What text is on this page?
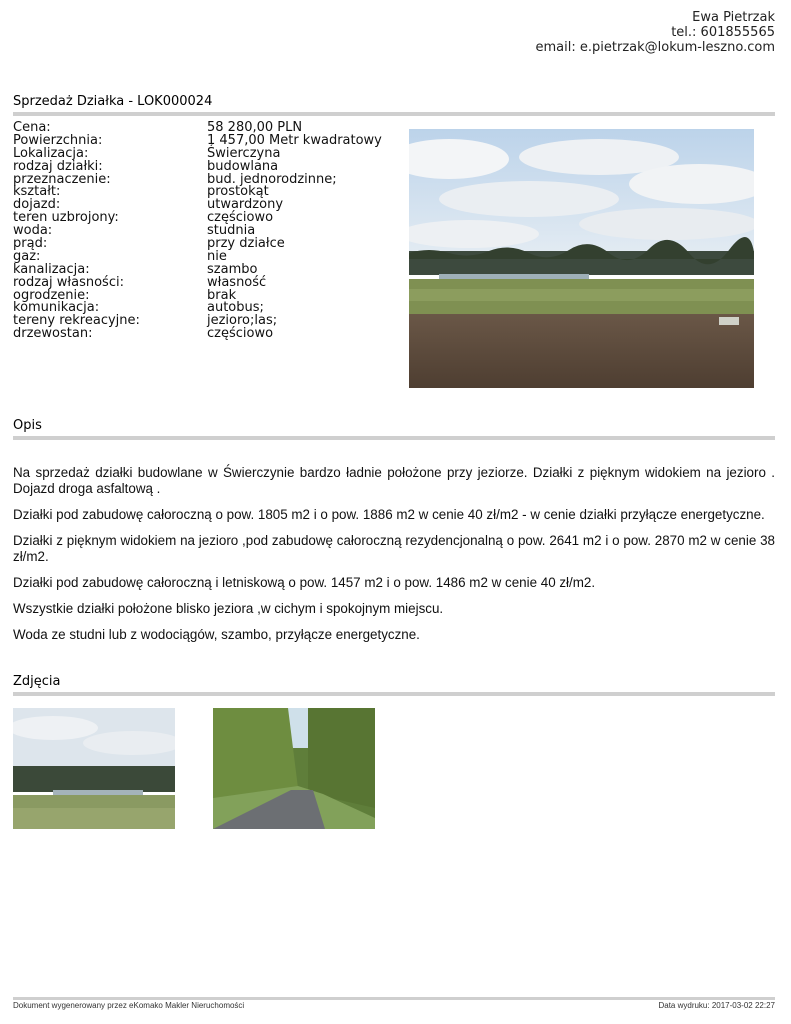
Ewa Pietrzak
tel.: 601855565
email: e.pietrzak@lokum-leszno.com
Sprzedaż Działka - LOK000024
Cena:	58 280,00 PLN
Powierzchnia:	1 457,00 Metr kwadratowy
Lokalizacja:	Świerczyna
rodzaj działki:	budowlana
przeznaczenie:	bud. jednorodzinne;
kształt:	prostokąt
dojazd:	utwardzony
teren uzbrojony:	częściowo
woda:	studnia
prąd:	przy działce
gaz:	nie
kanalizacja:	szambo
rodzaj własności:	własność
ogrodzenie:	brak
komunikacja:	autobus;
tereny rekreacyjne:	jezioro;las;
drzewostan:	częściowo
Opis

Na sprzedaż działki budowlane w Świerczynie bardzo ładnie położone przy jeziorze. Działki z pięknym widokiem na jezioro . Dojazd droga asfaltową .

Działki pod zabudowę całoroczną o pow. 1805 m2 i o pow. 1886 m2 w cenie 40 zł/m2 - w cenie działki przyłącze energetyczne.

Działki z pięknym widokiem na jezioro ,pod zabudowę całoroczną rezydencjonalną o pow. 2641 m2 i o pow. 2870 m2 w cenie 38 zł/m2.

Działki pod zabudowę całoroczną i letniskową o pow. 1457 m2 i o pow. 1486 m2 w cenie 40 zł/m2.

Wszystkie działki położone blisko jeziora ,w cichym i spokojnym miejscu.

Woda ze studni lub z wodociągów, szambo, przyłącze energetyczne.

Zdjęcia
Dokument wygenerowany przez eKomako Makler Nieruchomości	Data wydruku: 2017-03-02 22:27
